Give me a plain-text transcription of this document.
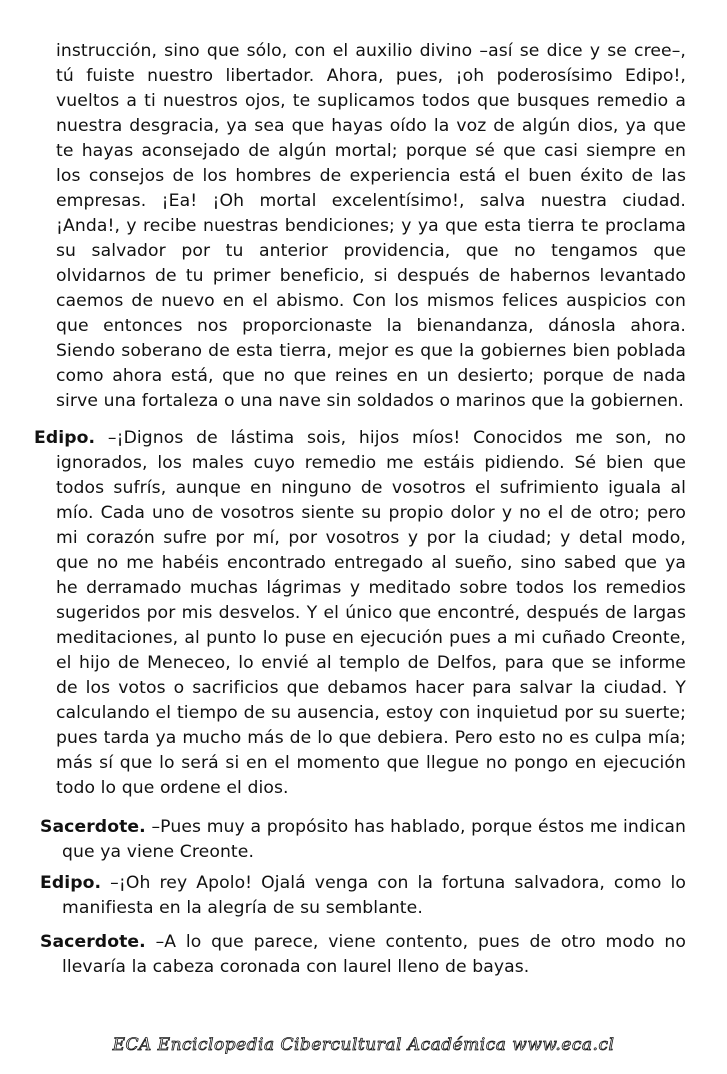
instrucción, sino que sólo, con el auxilio divino –así se dice y se cree–, tú fuiste nuestro libertador. Ahora, pues, ¡oh poderosísimo Edipo!, vueltos a ti nuestros ojos, te suplicamos todos que busques remedio a nuestra desgracia, ya sea que hayas oído la voz de algún dios, ya que te hayas aconsejado de algún mortal; porque sé que casi siempre en los consejos de los hombres de experiencia está el buen éxito de las empresas. ¡Ea! ¡Oh mortal excelentísimo!, salva nuestra ciudad. ¡Anda!, y recibe nuestras bendiciones; y ya que esta tierra te proclama su salvador por tu anterior providencia, que no tengamos que olvidarnos de tu primer beneficio, si después de habernos levantado caemos de nuevo en el abismo. Con los mismos felices auspicios con que entonces nos proporcionaste la bienandanza, dánosla ahora. Siendo soberano de esta tierra, mejor es que la gobiernes bien poblada como ahora está, que no que reines en un desierto; porque de nada sirve una fortaleza o una nave sin soldados o marinos que la gobiernen.

Edipo. –¡Dignos de lástima sois, hijos míos! Conocidos me son, no ignorados, los males cuyo remedio me estáis pidiendo. Sé bien que todos sufrís, aunque en ninguno de vosotros el sufrimiento iguala al mío. Cada uno de vosotros siente su propio dolor y no el de otro; pero mi corazón sufre por mí, por vosotros y por la ciudad; y detal modo, que no me habéis encontrado entregado al sueño, sino sabed que ya he derramado muchas lágrimas y meditado sobre todos los remedios sugeridos por mis desvelos. Y el único que encontré, después de largas meditaciones, al punto lo puse en ejecución pues a mi cuñado Creonte, el hijo de Meneceo, lo envié al templo de Delfos, para que se informe de los votos o sacrificios que debamos hacer para salvar la ciudad. Y calculando el tiempo de su ausencia, estoy con inquietud por su suerte; pues tarda ya mucho más de lo que debiera. Pero esto no es culpa mía; más sí que lo será si en el momento que llegue no pongo en ejecución todo lo que ordene el dios.

Sacerdote. –Pues muy a propósito has hablado, porque éstos me indican que ya viene Creonte.

Edipo. –¡Oh rey Apolo! Ojalá venga con la fortuna salvadora, como lo manifiesta en la alegría de su semblante.

Sacerdote. –A lo que parece, viene contento, pues de otro modo no llevaría la cabeza coronada con laurel lleno de bayas.

ECA Enciclopedia Cibercultural Académica www.eca.cl
